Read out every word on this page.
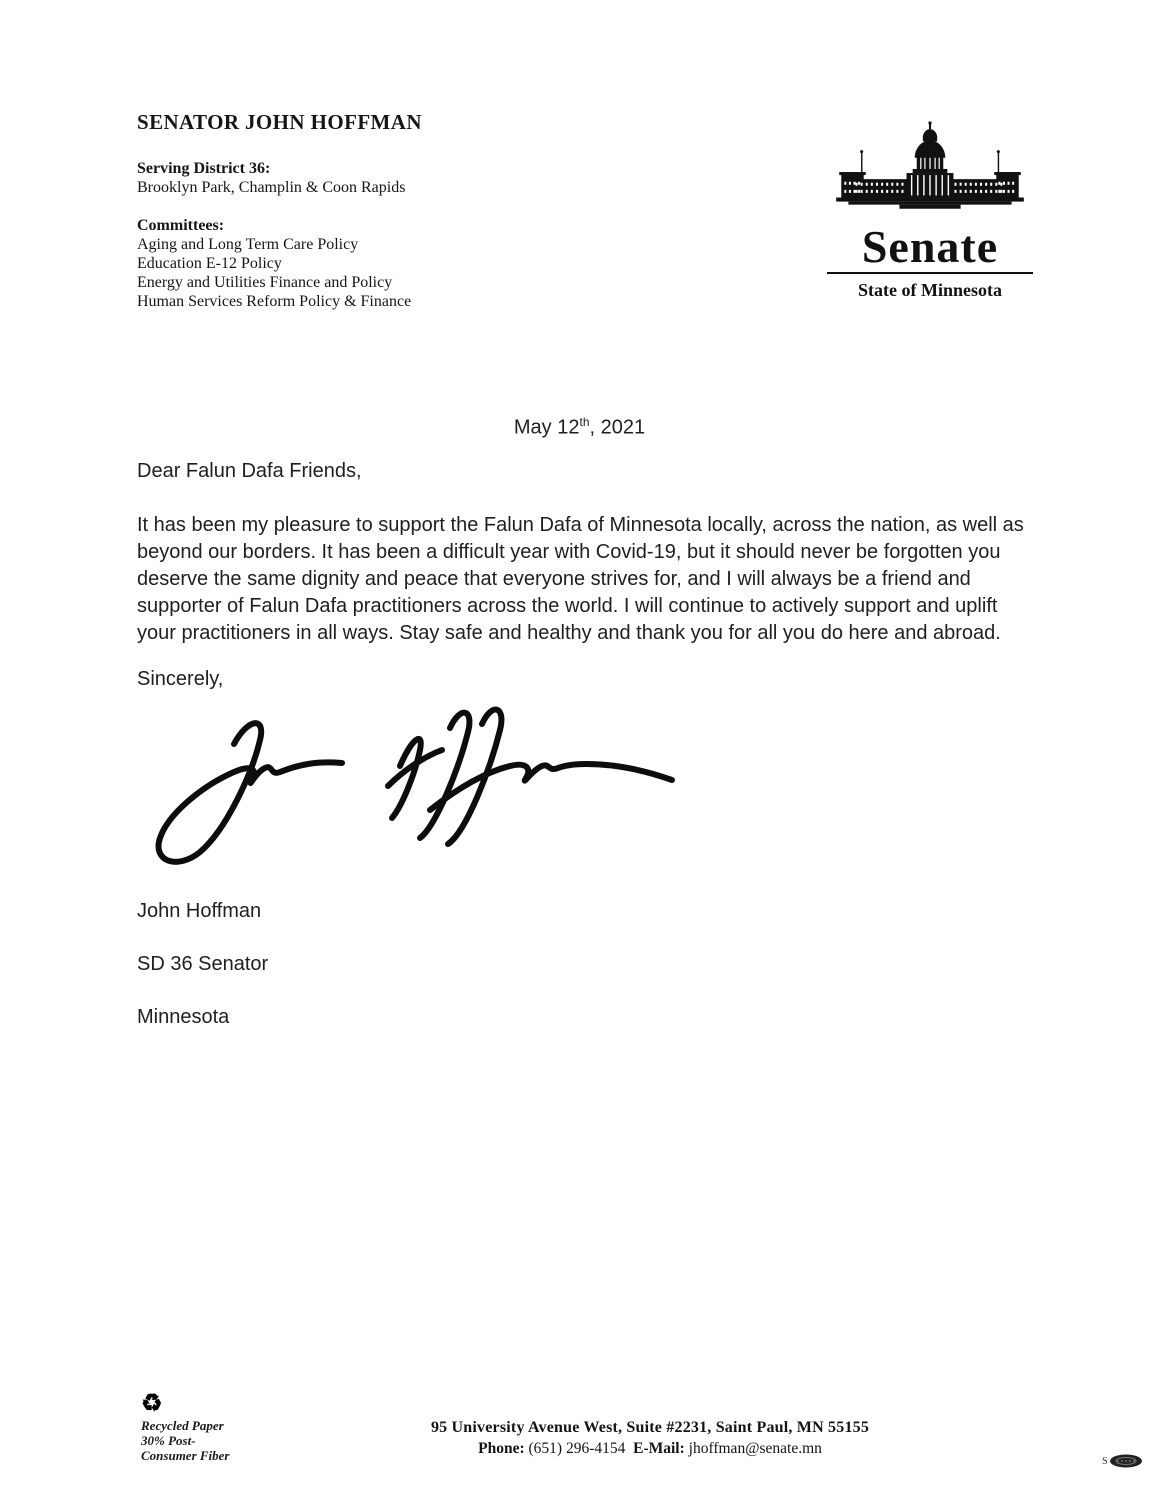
SENATOR JOHN HOFFMAN
Serving District 36:
Brooklyn Park, Champlin & Coon Rapids
Committees:
Aging and Long Term Care Policy
Education E-12 Policy
Energy and Utilities Finance and Policy
Human Services Reform Policy & Finance
Senate
State of Minnesota
May 12th, 2021
Dear Falun Dafa Friends,
It has been my pleasure to support the Falun Dafa of Minnesota locally, across the nation, as well as beyond our borders. It has been a difficult year with Covid-19, but it should never be forgotten you deserve the same dignity and peace that everyone strives for, and I will always be a friend and supporter of Falun Dafa practitioners across the world. I will continue to actively support and uplift your practitioners in all ways. Stay safe and healthy and thank you for all you do here and abroad.
Sincerely,
John Hoffman
SD 36 Senator
Minnesota
♻
Recycled Paper
30% Post-
Consumer Fiber
95 University Avenue West, Suite #2231, Saint Paul, MN 55155
Phone: (651) 296-4154 E-Mail: jhoffman@senate.mn
S
